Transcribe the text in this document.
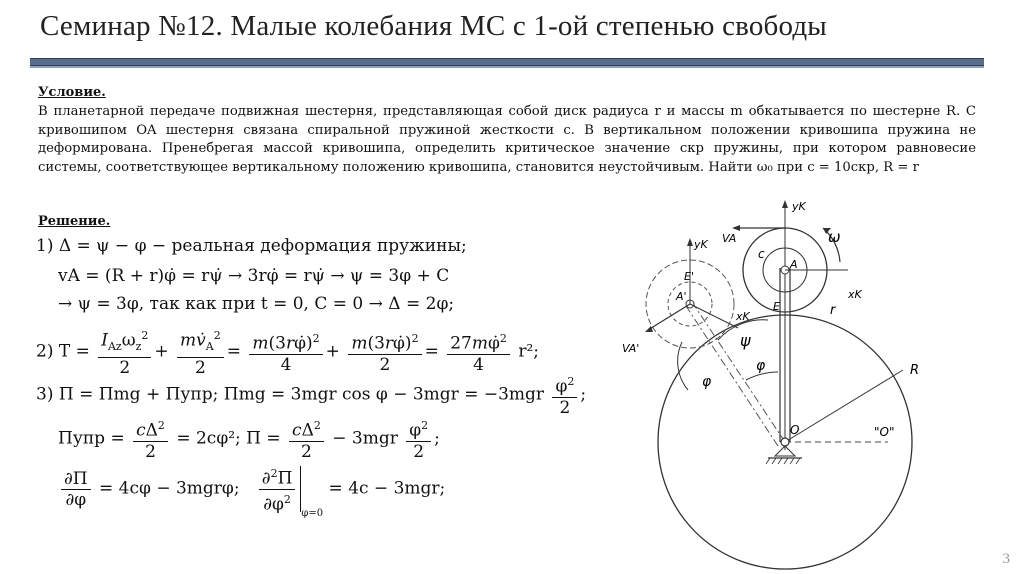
Семинар №12. Малые колебания МС с 1-ой степенью свободы
Условие.
В планетарной передаче подвижная шестерня, представляющая собой диск радиуса r и массы m обкатывается по шестерне R. С кривошипом OA шестерня связана спиральной пружиной жесткости c. В вертикальном положении кривошипа пружина не деформирована. Пренебрегая массой кривошипа, определить критическое значение cкр пружины, при котором равновесие системы, соответствующее вертикальному положению кривошипа, становится неустойчивым. Найти ω₀ при c = 10cкр, R = r
Решение.
1) Δ = ψ − φ − реальная деформация пружины;
vA = (R + r)φ̇ = rψ̇ → 3rφ̇ = rψ̇ → ψ = 3φ + C
→ ψ = 3φ, так как при t = 0, C = 0 → Δ = 2φ;
2) $T = \frac{I_{Az}\omega_z^2}{2} + \frac{mv̇_A^2}{2} = \frac{m(3r\varphi̇)^2}{4} + \frac{m(3r\varphi̇)^2}{2} = \frac{27m\varphi̇^2}{4} r^2$;
3) Π = Πmg + Πупр; Πmg = 3mgr $\cos \varphi - 3mgr = -3mgr \frac{\varphi^2}{2}$ ;
$\Pi упр = \frac{c\Delta^2}{2} = 2c\varphi^2$; $\Pi = \frac{c\Delta^2}{2} - 3mgr \frac{\varphi^2}{2}$ ;
$\frac{\partial\Pi}{\partial\varphi} = 4c\varphi - 3mgr\varphi$; $\frac{\partial^2\Pi}{\partial\varphi^2} _{\varphi=0} = 4c - 3mgr$;
yK
yK VA
VA'
ω
c
A
A'
E
E'
xK
xK	r
ψ
φ
φ
R
O	"O"
3
